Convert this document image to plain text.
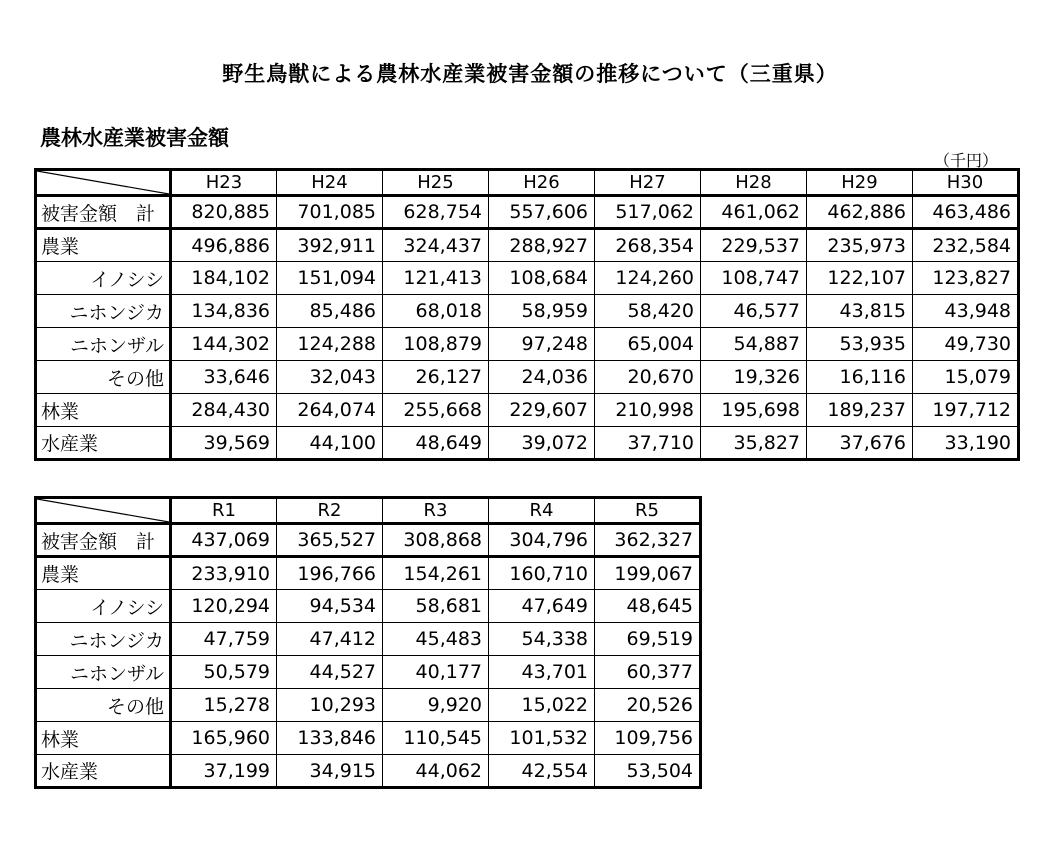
野生鳥獣による農林水産業被害金額の推移について（三重県）
農林水産業被害金額
（千円）
	H23	H24	H25	H26	H27	H28	H29	H30
被害金額　計	820,885	701,085	628,754	557,606	517,062	461,062	462,886	463,486
農業	496,886	392,911	324,437	288,927	268,354	229,537	235,973	232,584
イノシシ	184,102	151,094	121,413	108,684	124,260	108,747	122,107	123,827
ニホンジカ	134,836	85,486	68,018	58,959	58,420	46,577	43,815	43,948
ニホンザル	144,302	124,288	108,879	97,248	65,004	54,887	53,935	49,730
その他	33,646	32,043	26,127	24,036	20,670	19,326	16,116	15,079
林業	284,430	264,074	255,668	229,607	210,998	195,698	189,237	197,712
水産業	39,569	44,100	48,649	39,072	37,710	35,827	37,676	33,190
	R1	R2	R3	R4	R5
被害金額　計	437,069	365,527	308,868	304,796	362,327
農業	233,910	196,766	154,261	160,710	199,067
イノシシ	120,294	94,534	58,681	47,649	48,645
ニホンジカ	47,759	47,412	45,483	54,338	69,519
ニホンザル	50,579	44,527	40,177	43,701	60,377
その他	15,278	10,293	9,920	15,022	20,526
林業	165,960	133,846	110,545	101,532	109,756
水産業	37,199	34,915	44,062	42,554	53,504
